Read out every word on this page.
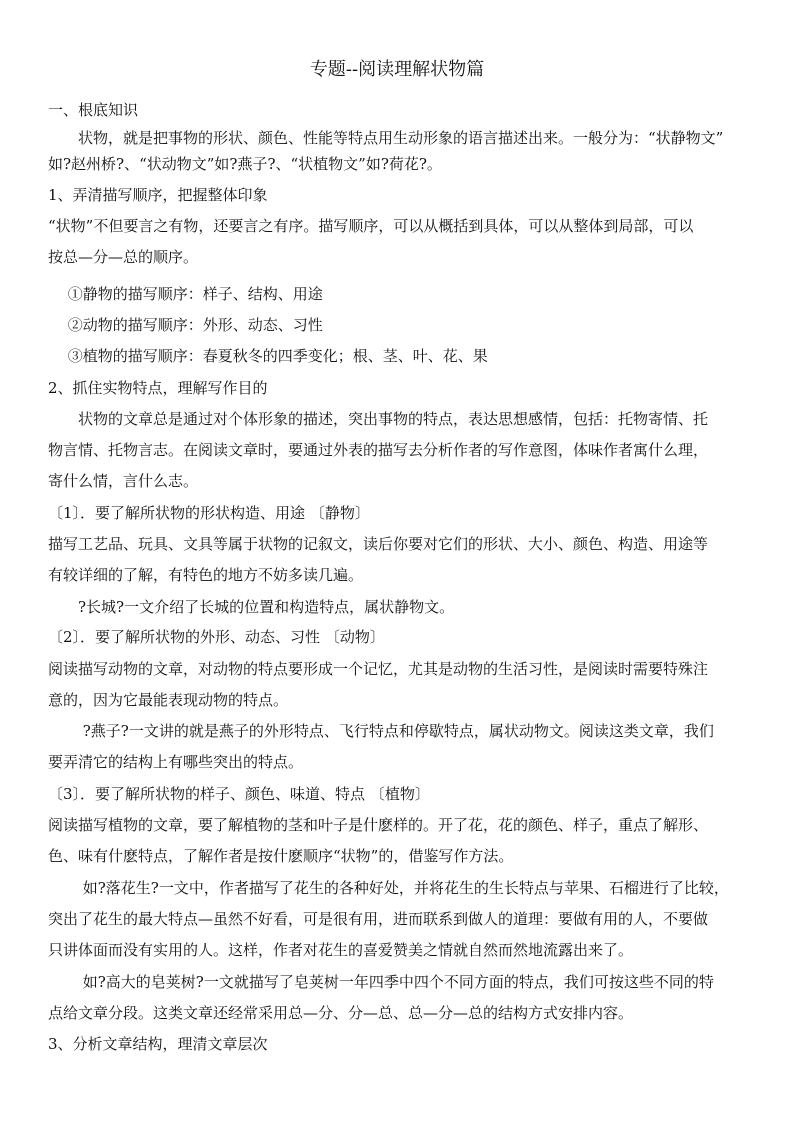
专题--阅读理解状物篇
一、根底知识
　　状物，就是把事物的形状、颜色、性能等特点用生动形象的语言描述出来。一般分为：“状静物文”
如?赵州桥?、“状动物文”如?燕子?、“状植物文”如?荷花?。
1、弄清描写顺序，把握整体印象
“状物”不但要言之有物，还要言之有序。描写顺序，可以从概括到具体，可以从整体到局部，可以
按总—分—总的顺序。
　 ①静物的描写顺序：样子、结构、用途
　 ②动物的描写顺序：外形、动态、习性
　 ③植物的描写顺序：春夏秋冬的四季变化；根、茎、叶、花、果
2、抓住实物特点，理解写作目的
　　状物的文章总是通过对个体形象的描述，突出事物的特点，表达思想感情，包括：托物寄情、托
物言情、托物言志。在阅读文章时，要通过外表的描写去分析作者的写作意图，体味作者寓什么理，
寄什么情，言什么志。
〔1〕．要了解所状物的形状构造、用途 〔静物〕
描写工艺品、玩具、文具等属于状物的记叙文，读后你要对它们的形状、大小、颜色、构造、用途等
有较详细的了解，有特色的地方不妨多读几遍。
　　?长城?一文介绍了长城的位置和构造特点，属状静物文。
〔2〕．要了解所状物的外形、动态、习性 〔动物〕
阅读描写动物的文章，对动物的特点要形成一个记忆，尤其是动物的生活习性，是阅读时需要特殊注
意的，因为它最能表现动物的特点。
　　 ?燕子?一文讲的就是燕子的外形特点、飞行特点和停歇特点，属状动物文。阅读这类文章，我们
要弄清它的结构上有哪些突出的特点。
〔3〕．要了解所状物的样子、颜色、味道、特点 〔植物〕
阅读描写植物的文章，要了解植物的茎和叶子是什麽样的。开了花，花的颜色、样子，重点了解形、
色、味有什麽特点，了解作者是按什麽顺序“状物”的，借鉴写作方法。
　　 如?落花生?一文中，作者描写了花生的各种好处，并将花生的生长特点与苹果、石榴进行了比较，
突出了花生的最大特点—虽然不好看，可是很有用，进而联系到做人的道理：要做有用的人，不要做
只讲体面而没有实用的人。这样，作者对花生的喜爱赞美之情就自然而然地流露出来了。
　　 如?高大的皂荚树?一文就描写了皂荚树一年四季中四个不同方面的特点，我们可按这些不同的特
点给文章分段。这类文章还经常采用总—分、分—总、总—分—总的结构方式安排内容。
3、分析文章结构，理清文章层次
